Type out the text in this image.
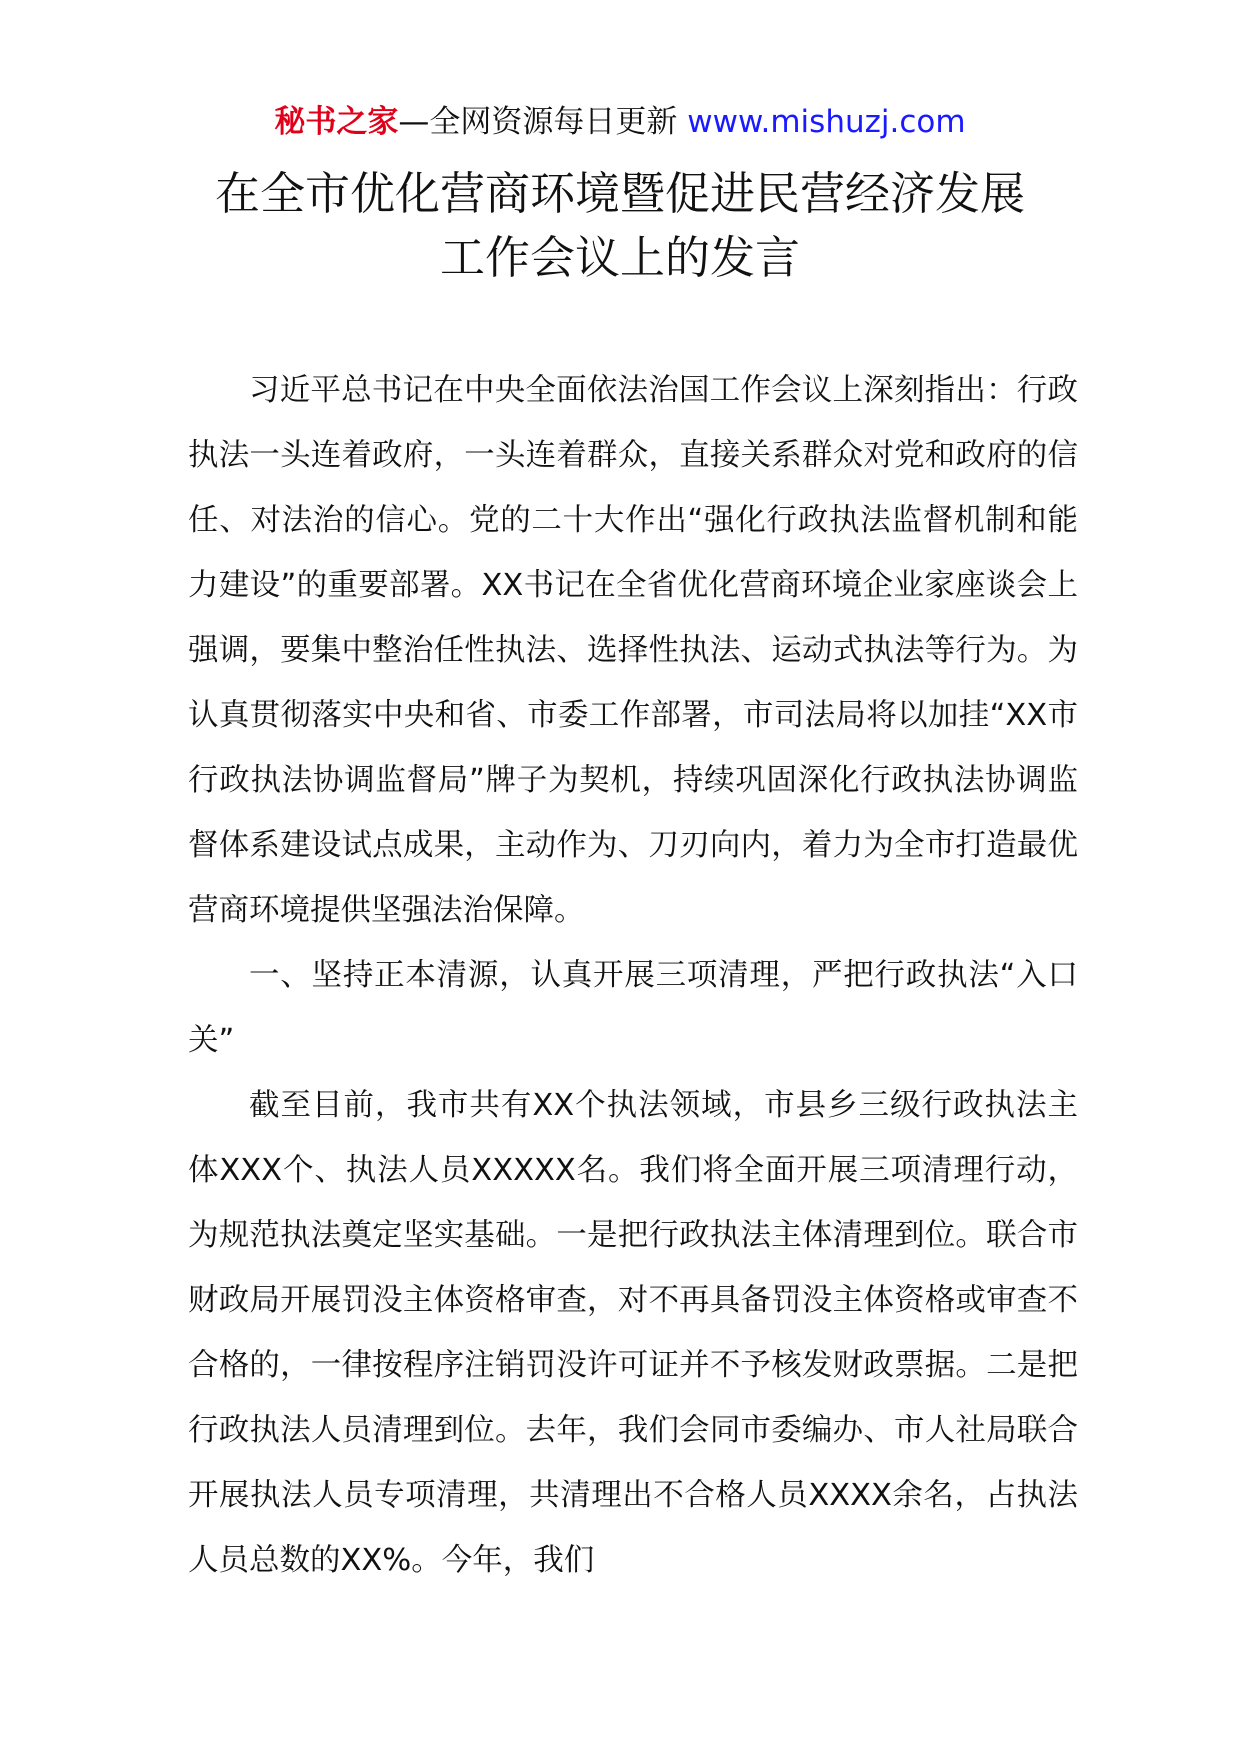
秘书之家—全网资源每日更新 www.mishuzj.com
在全市优化营商环境暨促进民营经济发展
工作会议上的发言

习近平总书记在中央全面依法治国工作会议上深刻指出：行政执法一头连着政府，一头连着群众，直接关系群众对党和政府的信任、对法治的信心。党的二十大作出“强化行政执法监督机制和能力建设”的重要部署。XX书记在全省优化营商环境企业家座谈会上强调，要集中整治任性执法、选择性执法、运动式执法等行为。为认真贯彻落实中央和省、市委工作部署，市司法局将以加挂“XX市行政执法协调监督局”牌子为契机，持续巩固深化行政执法协调监督体系建设试点成果，主动作为、刀刃向内，着力为全市打造最优营商环境提供坚强法治保障。

一、坚持正本清源，认真开展三项清理，严把行政执法“入口关”

截至目前，我市共有XX个执法领域，市县乡三级行政执法主体XXX个、执法人员XXXXX名。我们将全面开展三项清理行动，为规范执法奠定坚实基础。一是把行政执法主体清理到位。联合市财政局开展罚没主体资格审查，对不再具备罚没主体资格或审查不合格的，一律按程序注销罚没许可证并不予核发财政票据。二是把行政执法人员清理到位。去年，我们会同市委编办、市人社局联合开展执法人员专项清理，共清理出不合格人员XXXX余名，占执法人员总数的XX%。今年，我们
